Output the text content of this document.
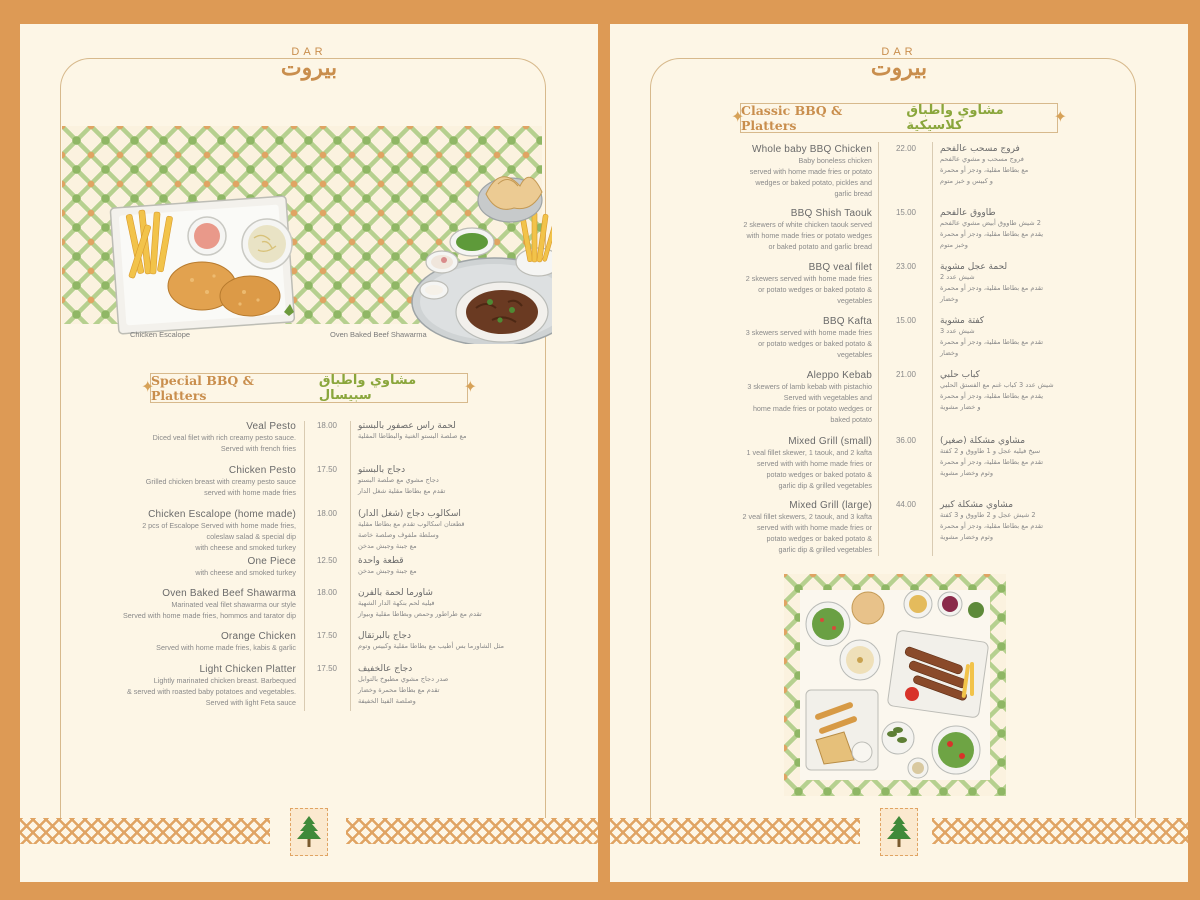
DAR
بيروت
Chicken Escalope	Oven Baked Beef Shawarma
✦
Special BBQ & Platters
مشاوي واطباق سبيسال	✦
Veal Pesto
Diced veal filet with rich creamy pesto sauce.
Served with french fries
18.00	لحمة راس عصفور بالبستو
مع صلصة البستو الغنية والبطاطا المقلية
Chicken Pesto
Grilled chicken breast with creamy pesto sauce
served with home made fries
17.50	دجاج بالبستو
دجاج مشوي مع صلصة البستو
تقدم مع بطاطا مقلية شغل الدار
Chicken Escalope (home made)
2 pcs of Escalope Served with home made fries,
coleslaw salad & special dip
with cheese and smoked turkey
18.00	اسكالوب دجاج (شغل الدار)
قطعتان اسكالوب تقدم مع بطاطا مقلية
وسلطة ملفوف وصلصة خاصة
مع جبنة وجبش مدخن
One Piece
with cheese and smoked turkey
12.50	قطعة واحدة
مع جبنة وجبش مدخن
Oven Baked Beef Shawarma
Marinated veal filet shawarma our style
Served with home made fries, hommos and tarator dip
18.00	شاورما لحمة بالفرن
فيليه لحم بنكهة الدار الشهية
تقدم مع طراطور وحمص وبطاطا مقلية وبيواز
Orange Chicken
Served with home made fries, kabis & garlic
17.50	دجاج بالبرتقال
مثل الشاورما بس أطيب مع بطاطا مقلية وكبيس وتوم
Light Chicken Platter
Lightly marinated chicken breast. Barbequed
& served with roasted baby potatoes and vegetables.
Served with light Feta sauce
17.50	دجاج عالخفيف
صدر دجاج مشوي مطبوخ بالتوابل
تقدم مع بطاطا محمرة وخضار
وصلصة الفيتا الخفيفة
DAR
بيروت
✦
Classic BBQ & Platters
مشاوي واطباق كلاسيكية	✦
Whole baby BBQ Chicken
Baby boneless chicken
served with home made fries or potato
wedges or baked potato, pickles and
garlic bread
22.00	فروج مسحب عالفحم
فروج مسحب و مشوي عالفحم
مع بطاطا مقلية، ودجز أو محمرة
و كبيس و خبز متوم
BBQ Shish Taouk
2 skewers of white chicken taouk served
with home made fries or potato wedges
or baked potato and garlic bread
15.00	طاووق عالفحم
2 شيش طاووق أبيض مشوي عالفحم
يقدم مع بطاطا مقلية، ودجز أو محمرة
وخبز متوم
BBQ veal filet
2 skewers served with home made fries
or potato wedges or baked potato &
vegetables
23.00	لحمة عجل مشوية
شيش عدد 2
تقدم مع بطاطا مقلية، ودجز أو محمرة
وخضار
BBQ Kafta
3 skewers served with home made fries
or potato wedges or baked potato &
vegetables
15.00	كفتة مشوية
شيش عدد 3
تقدم مع بطاطا مقلية، ودجز أو محمرة
وخضار
Aleppo Kebab
3 skewers of lamb kebab with pistachio
Served with vegetables and
home made fries or potato wedges or
baked potato
21.00	كباب حلبي
شيش عدد 3 كباب غنم مع الفستق الحلبي
يقدم مع بطاطا مقلية، ودجز أو محمرة
و خضار مشوية
Mixed Grill (small)
1 veal fillet skewer, 1 taouk, and 2 kafta
served with with home made fries or
potato wedges or baked potato &
garlic dip & grilled vegetables
36.00	مشاوي مشكلة (صغير)
سيخ فيليه عجل و 1 طاووق و 2 كفتة
تقدم مع بطاطا مقلية، ودجز أو محمرة
وثوم وخضار مشوية
Mixed Grill (large)
2 veal fillet skewers, 2 taouk, and 3 kafta
served with with home made fries or
potato wedges or baked potato &
garlic dip & grilled vegetables
44.00	مشاوي مشكلة كبير
2 شيش عجل و 2 طاووق و 3 كفتة
تقدم مع بطاطا مقلية، ودجز أو محمرة
وثوم وخضار مشوية
